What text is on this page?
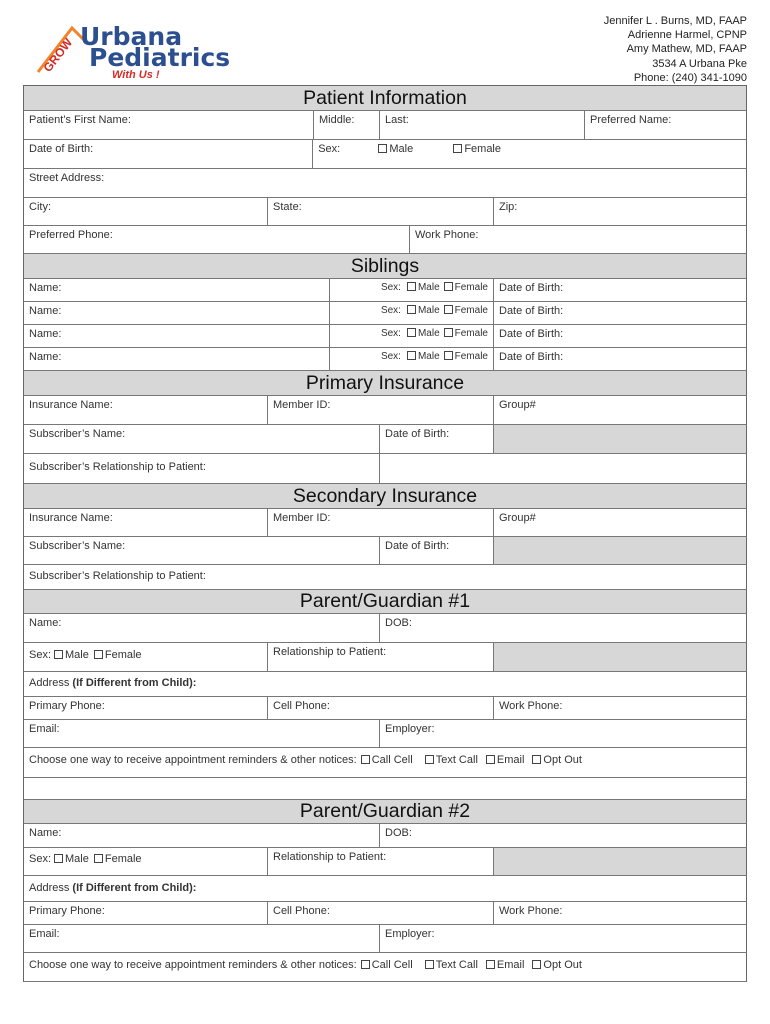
GROW Urbana
Pediatrics
With Us !
Jennifer L . Burns, MD, FAAP
Adrienne Harmel, CPNP
Amy Mathew, MD, FAAP
3534 A Urbana Pke
Phone: (240) 341-1090
Patient Information
Patient’s First Name:	Middle:	Last:	Preferred Name:
Date of Birth:	Sex:	Male	Female
Street Address:
City:	State:	Zip:
Preferred Phone:	Work Phone:
Siblings
Name:	Sex: Male Female	Date of Birth:
Name:	Sex: Male Female	Date of Birth:
Name:	Sex: Male Female	Date of Birth:
Name:	Sex: Male Female	Date of Birth:
Primary Insurance
Insurance Name:	Member ID:	Group#
Subscriber’s Name:	Date of Birth:
Subscriber’s Relationship to Patient:
Secondary Insurance
Insurance Name:	Member ID:	Group#
Subscriber’s Name:	Date of Birth:
Subscriber’s Relationship to Patient:
Parent/Guardian #1
Name:	DOB:
Sex: Male Female	Relationship to Patient:
Address (If Different from Child):
Primary Phone:	Cell Phone:	Work Phone:
Email:	Employer:
Choose one way to receive appointment reminders & other notices: Call Cell Text Call Email Opt Out
Parent/Guardian #2
Name:	DOB:
Sex: Male Female	Relationship to Patient:
Address (If Different from Child):
Primary Phone:	Cell Phone:	Work Phone:
Email:	Employer:
Choose one way to receive appointment reminders & other notices: Call Cell Text Call Email Opt Out
